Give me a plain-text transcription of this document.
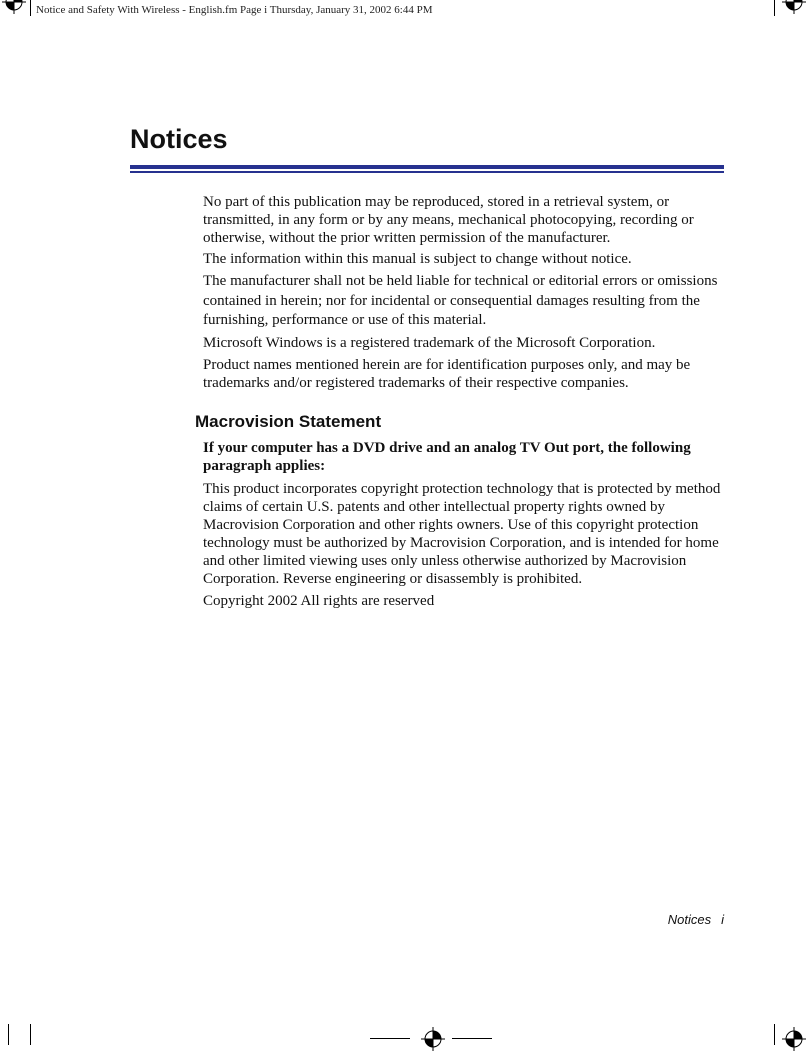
Notice and Safety With Wireless - English.fm Page i Thursday, January 31, 2002 6:44 PM
Notices

No part of this publication may be reproduced, stored in a retrieval system, or transmitted, in any form or by any means, mechanical photocopying, recording or otherwise, without the prior written permission of the manufacturer.

The information within this manual is subject to change without notice.

The manufacturer shall not be held liable for technical or editorial errors or omissions contained in herein; nor for incidental or consequential damages resulting from the furnishing, performance or use of this material.

Microsoft Windows is a registered trademark of the Microsoft Corporation.

Product names mentioned herein are for identification purposes only, and may be trademarks and/or registered trademarks of their respective companies.

Macrovision Statement

If your computer has a DVD drive and an analog TV Out port, the following paragraph applies:

This product incorporates copyright protection technology that is protected by method claims of certain U.S. patents and other intellectual property rights owned by Macrovision Corporation and other rights owners. Use of this copyright protection technology must be authorized by Macrovision Corporation, and is intended for home and other limited viewing uses only unless otherwise authorized by Macrovision Corporation. Reverse engineering or disassembly is prohibited.

Copyright 2002 All rights are reserved

Notices i
